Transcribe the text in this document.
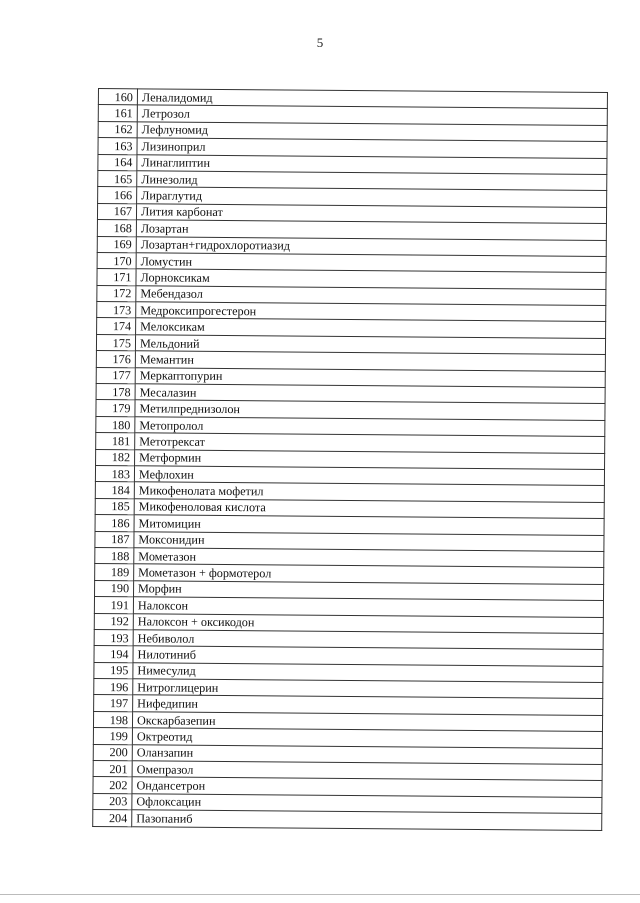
5
160	Леналидомид
161	Летрозол
162	Лефлуномид
163	Лизиноприл
164	Линаглиптин
165	Линезолид
166	Лираглутид
167	Лития карбонат
168	Лозартан
169	Лозартан+гидрохлоротиазид
170	Ломустин
171	Лорноксикам
172	Мебендазол
173	Медроксипрогестерон
174	Мелоксикам
175	Мельдоний
176	Мемантин
177	Меркаптопурин
178	Месалазин
179	Метилпреднизолон
180	Метопролол
181	Метотрексат
182	Метформин
183	Мефлохин
184	Микофенолата мофетил
185	Микофеноловая кислота
186	Митомицин
187	Моксонидин
188	Мометазон
189	Мометазон + формотерол
190	Морфин
191	Налоксон
192	Налоксон + оксикодон
193	Небиволол
194	Нилотиниб
195	Нимесулид
196	Нитроглицерин
197	Нифедипин
198	Окскарбазепин
199	Октреотид
200	Оланзапин
201	Омепразол
202	Ондансетрон
203	Офлоксацин
204	Пазопаниб
